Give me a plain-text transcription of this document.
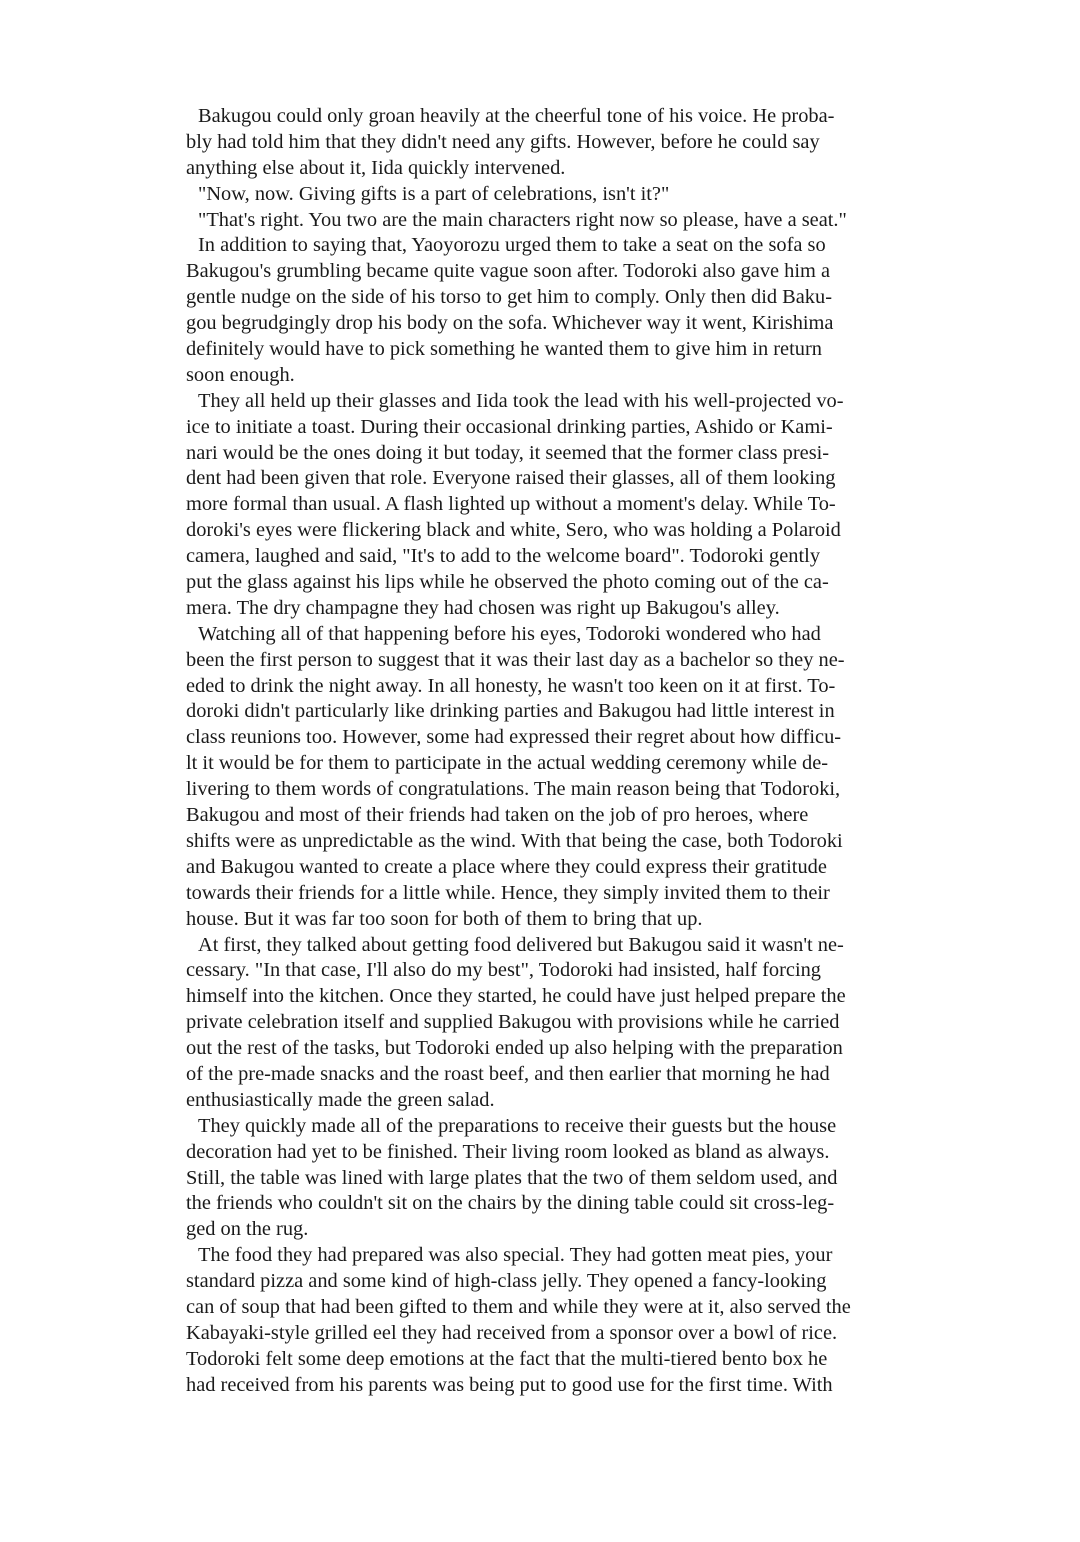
Bakugou could only groan heavily at the cheerful tone of his voice. He proba-
bly had told him that they didn't need any gifts. However, before he could say
anything else about it, Iida quickly intervened.
"Now, now. Giving gifts is a part of celebrations, isn't it?"
"That's right. You two are the main characters right now so please, have a seat."
In addition to saying that, Yaoyorozu urged them to take a seat on the sofa so
Bakugou's grumbling became quite vague soon after. Todoroki also gave him a
gentle nudge on the side of his torso to get him to comply. Only then did Baku-
gou begrudgingly drop his body on the sofa. Whichever way it went, Kirishima
definitely would have to pick something he wanted them to give him in return
soon enough.
They all held up their glasses and Iida took the lead with his well-projected vo-
ice to initiate a toast. During their occasional drinking parties, Ashido or Kami-
nari would be the ones doing it but today, it seemed that the former class presi-
dent had been given that role. Everyone raised their glasses, all of them looking
more formal than usual. A flash lighted up without a moment's delay. While To-
doroki's eyes were flickering black and white, Sero, who was holding a Polaroid
camera, laughed and said, "It's to add to the welcome board". Todoroki gently
put the glass against his lips while he observed the photo coming out of the ca-
mera. The dry champagne they had chosen was right up Bakugou's alley.
Watching all of that happening before his eyes, Todoroki wondered who had
been the first person to suggest that it was their last day as a bachelor so they ne-
eded to drink the night away. In all honesty, he wasn't too keen on it at first. To-
doroki didn't particularly like drinking parties and Bakugou had little interest in
class reunions too. However, some had expressed their regret about how difficu-
lt it would be for them to participate in the actual wedding ceremony while de-
livering to them words of congratulations. The main reason being that Todoroki,
Bakugou and most of their friends had taken on the job of pro heroes, where
shifts were as unpredictable as the wind. With that being the case, both Todoroki
and Bakugou wanted to create a place where they could express their gratitude
towards their friends for a little while. Hence, they simply invited them to their
house. But it was far too soon for both of them to bring that up.
At first, they talked about getting food delivered but Bakugou said it wasn't ne-
cessary. "In that case, I'll also do my best", Todoroki had insisted, half forcing
himself into the kitchen. Once they started, he could have just helped prepare the
private celebration itself and supplied Bakugou with provisions while he carried
out the rest of the tasks, but Todoroki ended up also helping with the preparation
of the pre-made snacks and the roast beef, and then earlier that morning he had
enthusiastically made the green salad.
They quickly made all of the preparations to receive their guests but the house
decoration had yet to be finished. Their living room looked as bland as always.
Still, the table was lined with large plates that the two of them seldom used, and
the friends who couldn't sit on the chairs by the dining table could sit cross-leg-
ged on the rug.
The food they had prepared was also special. They had gotten meat pies, your
standard pizza and some kind of high-class jelly. They opened a fancy-looking
can of soup that had been gifted to them and while they were at it, also served the
Kabayaki-style grilled eel they had received from a sponsor over a bowl of rice.
Todoroki felt some deep emotions at the fact that the multi-tiered bento box he
had received from his parents was being put to good use for the first time. With
